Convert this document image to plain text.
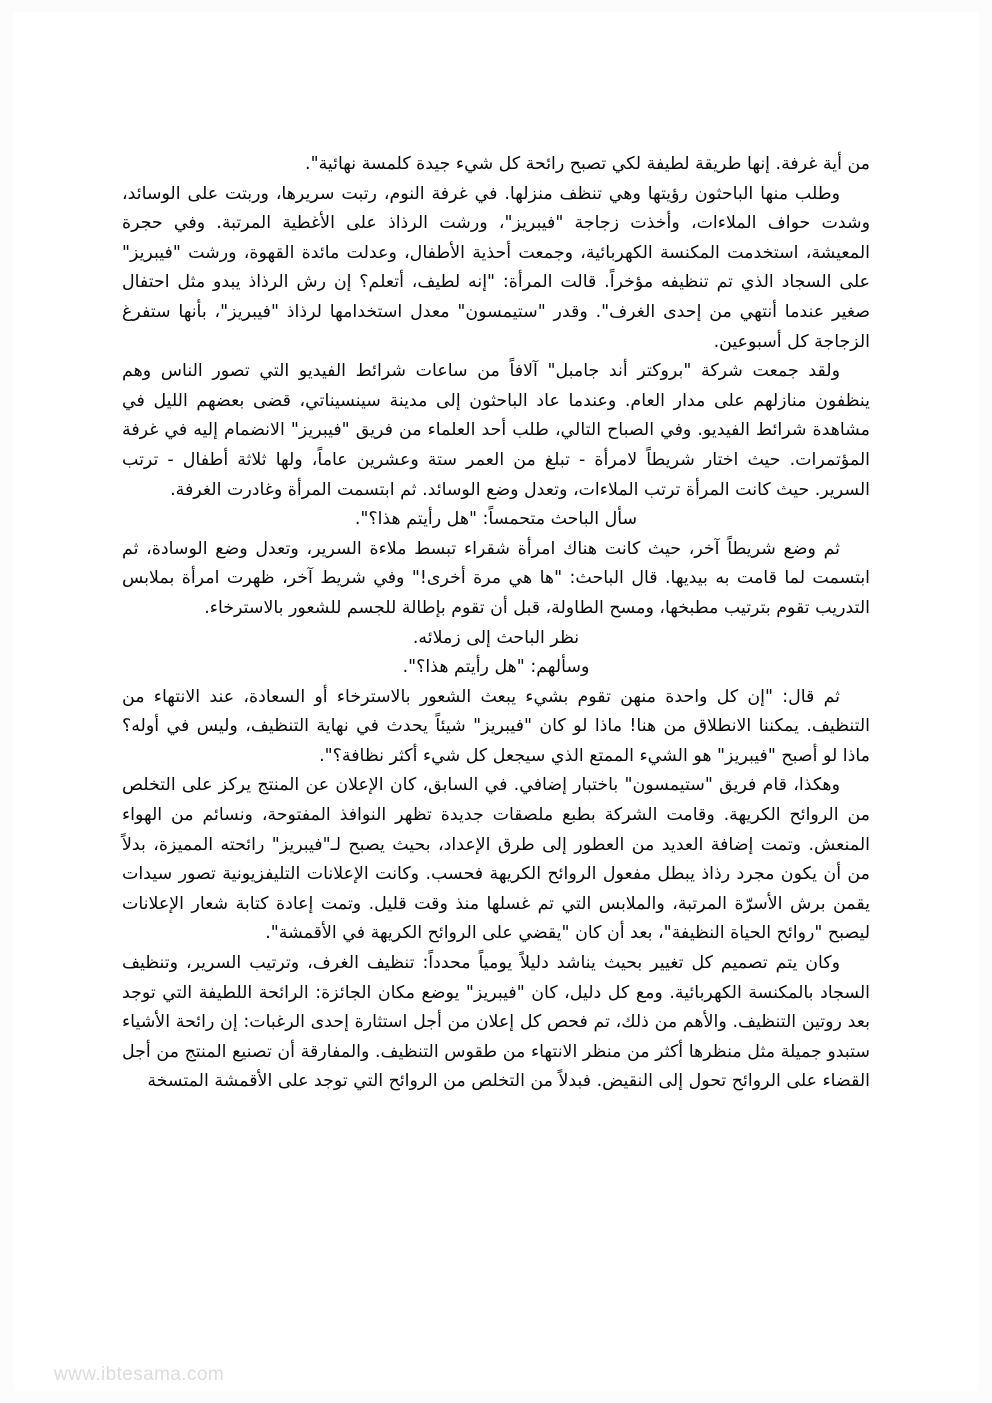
من أية غرفة. إنها طريقة لطيفة لكي تصبح رائحة كل شيء جيدة كلمسة نهائية".

وطلب منها الباحثون رؤيتها وهي تنظف منزلها. في غرفة النوم، رتبت سريرها، وربتت على الوسائد، وشدت حواف الملاءات، وأخذت زجاجة "فيبريز"، ورشت الرذاذ على الأغطية المرتبة. وفي حجرة المعيشة، استخدمت المكنسة الكهربائية، وجمعت أحذية الأطفال، وعدلت مائدة القهوة، ورشت "فيبريز" على السجاد الذي تم تنظيفه مؤخراً. قالت المرأة: "إنه لطيف، أتعلم؟ إن رش الرذاذ يبدو مثل احتفال صغير عندما أنتهي من إحدى الغرف". وقدر "ستيمسون" معدل استخدامها لرذاذ "فيبريز"، بأنها ستفرغ الزجاجة كل أسبوعين.

ولقد جمعت شركة "بروكتر أند جامبل" آلافاً من ساعات شرائط الفيديو التي تصور الناس وهم ينظفون منازلهم على مدار العام. وعندما عاد الباحثون إلى مدينة سينسيناتي، قضى بعضهم الليل في مشاهدة شرائط الفيديو. وفي الصباح التالي، طلب أحد العلماء من فريق "فيبريز" الانضمام إليه في غرفة المؤتمرات. حيث اختار شريطاً لامرأة - تبلغ من العمر ستة وعشرين عاماً، ولها ثلاثة أطفال - ترتب السرير. حيث كانت المرأة ترتب الملاءات، وتعدل وضع الوسائد. ثم ابتسمت المرأة وغادرت الغرفة.

سأل الباحث متحمساً: "هل رأيتم هذا؟".

ثم وضع شريطاً آخر، حيث كانت هناك امرأة شقراء تبسط ملاءة السرير، وتعدل وضع الوسادة، ثم ابتسمت لما قامت به بيديها. قال الباحث: "ها هي مرة أخرى!" وفي شريط آخر، ظهرت امرأة بملابس التدريب تقوم بترتيب مطبخها، ومسح الطاولة، قبل أن تقوم بإطالة للجسم للشعور بالاسترخاء.

نظر الباحث إلى زملائه.

وسألهم: "هل رأيتم هذا؟".

ثم قال: "إن كل واحدة منهن تقوم بشيء يبعث الشعور بالاسترخاء أو السعادة، عند الانتهاء من التنظيف. يمكننا الانطلاق من هنا! ماذا لو كان "فيبريز" شيئاً يحدث في نهاية التنظيف، وليس في أوله؟ ماذا لو أصبح "فيبريز" هو الشيء الممتع الذي سيجعل كل شيء أكثر نظافة؟".

وهكذا، قام فريق "ستيمسون" باختبار إضافي. في السابق، كان الإعلان عن المنتج يركز على التخلص من الروائح الكريهة. وقامت الشركة بطبع ملصقات جديدة تظهر النوافذ المفتوحة، ونسائم من الهواء المنعش. وتمت إضافة العديد من العطور إلى طرق الإعداد، بحيث يصبح لـ"فيبريز" رائحته المميزة، بدلاً من أن يكون مجرد رذاذ يبطل مفعول الروائح الكريهة فحسب. وكانت الإعلانات التليفزيونية تصور سيدات يقمن برش الأسرّة المرتبة، والملابس التي تم غسلها منذ وقت قليل. وتمت إعادة كتابة شعار الإعلانات ليصبح "روائح الحياة النظيفة"، بعد أن كان "يقضي على الروائح الكريهة في الأقمشة".

وكان يتم تصميم كل تغيير بحيث يناشد دليلاً يومياً محدداً: تنظيف الغرف، وترتيب السرير، وتنظيف السجاد بالمكنسة الكهربائية. ومع كل دليل، كان "فيبريز" يوضع مكان الجائزة: الرائحة اللطيفة التي توجد بعد روتين التنظيف. والأهم من ذلك، تم فحص كل إعلان من أجل استثارة إحدى الرغبات: إن رائحة الأشياء ستبدو جميلة مثل منظرها أكثر من منظر الانتهاء من طقوس التنظيف. والمفارقة أن تصنيع المنتج من أجل القضاء على الروائح تحول إلى النقيض. فبدلاً من التخلص من الروائح التي توجد على الأقمشة المتسخة

www.ibtesama.com
